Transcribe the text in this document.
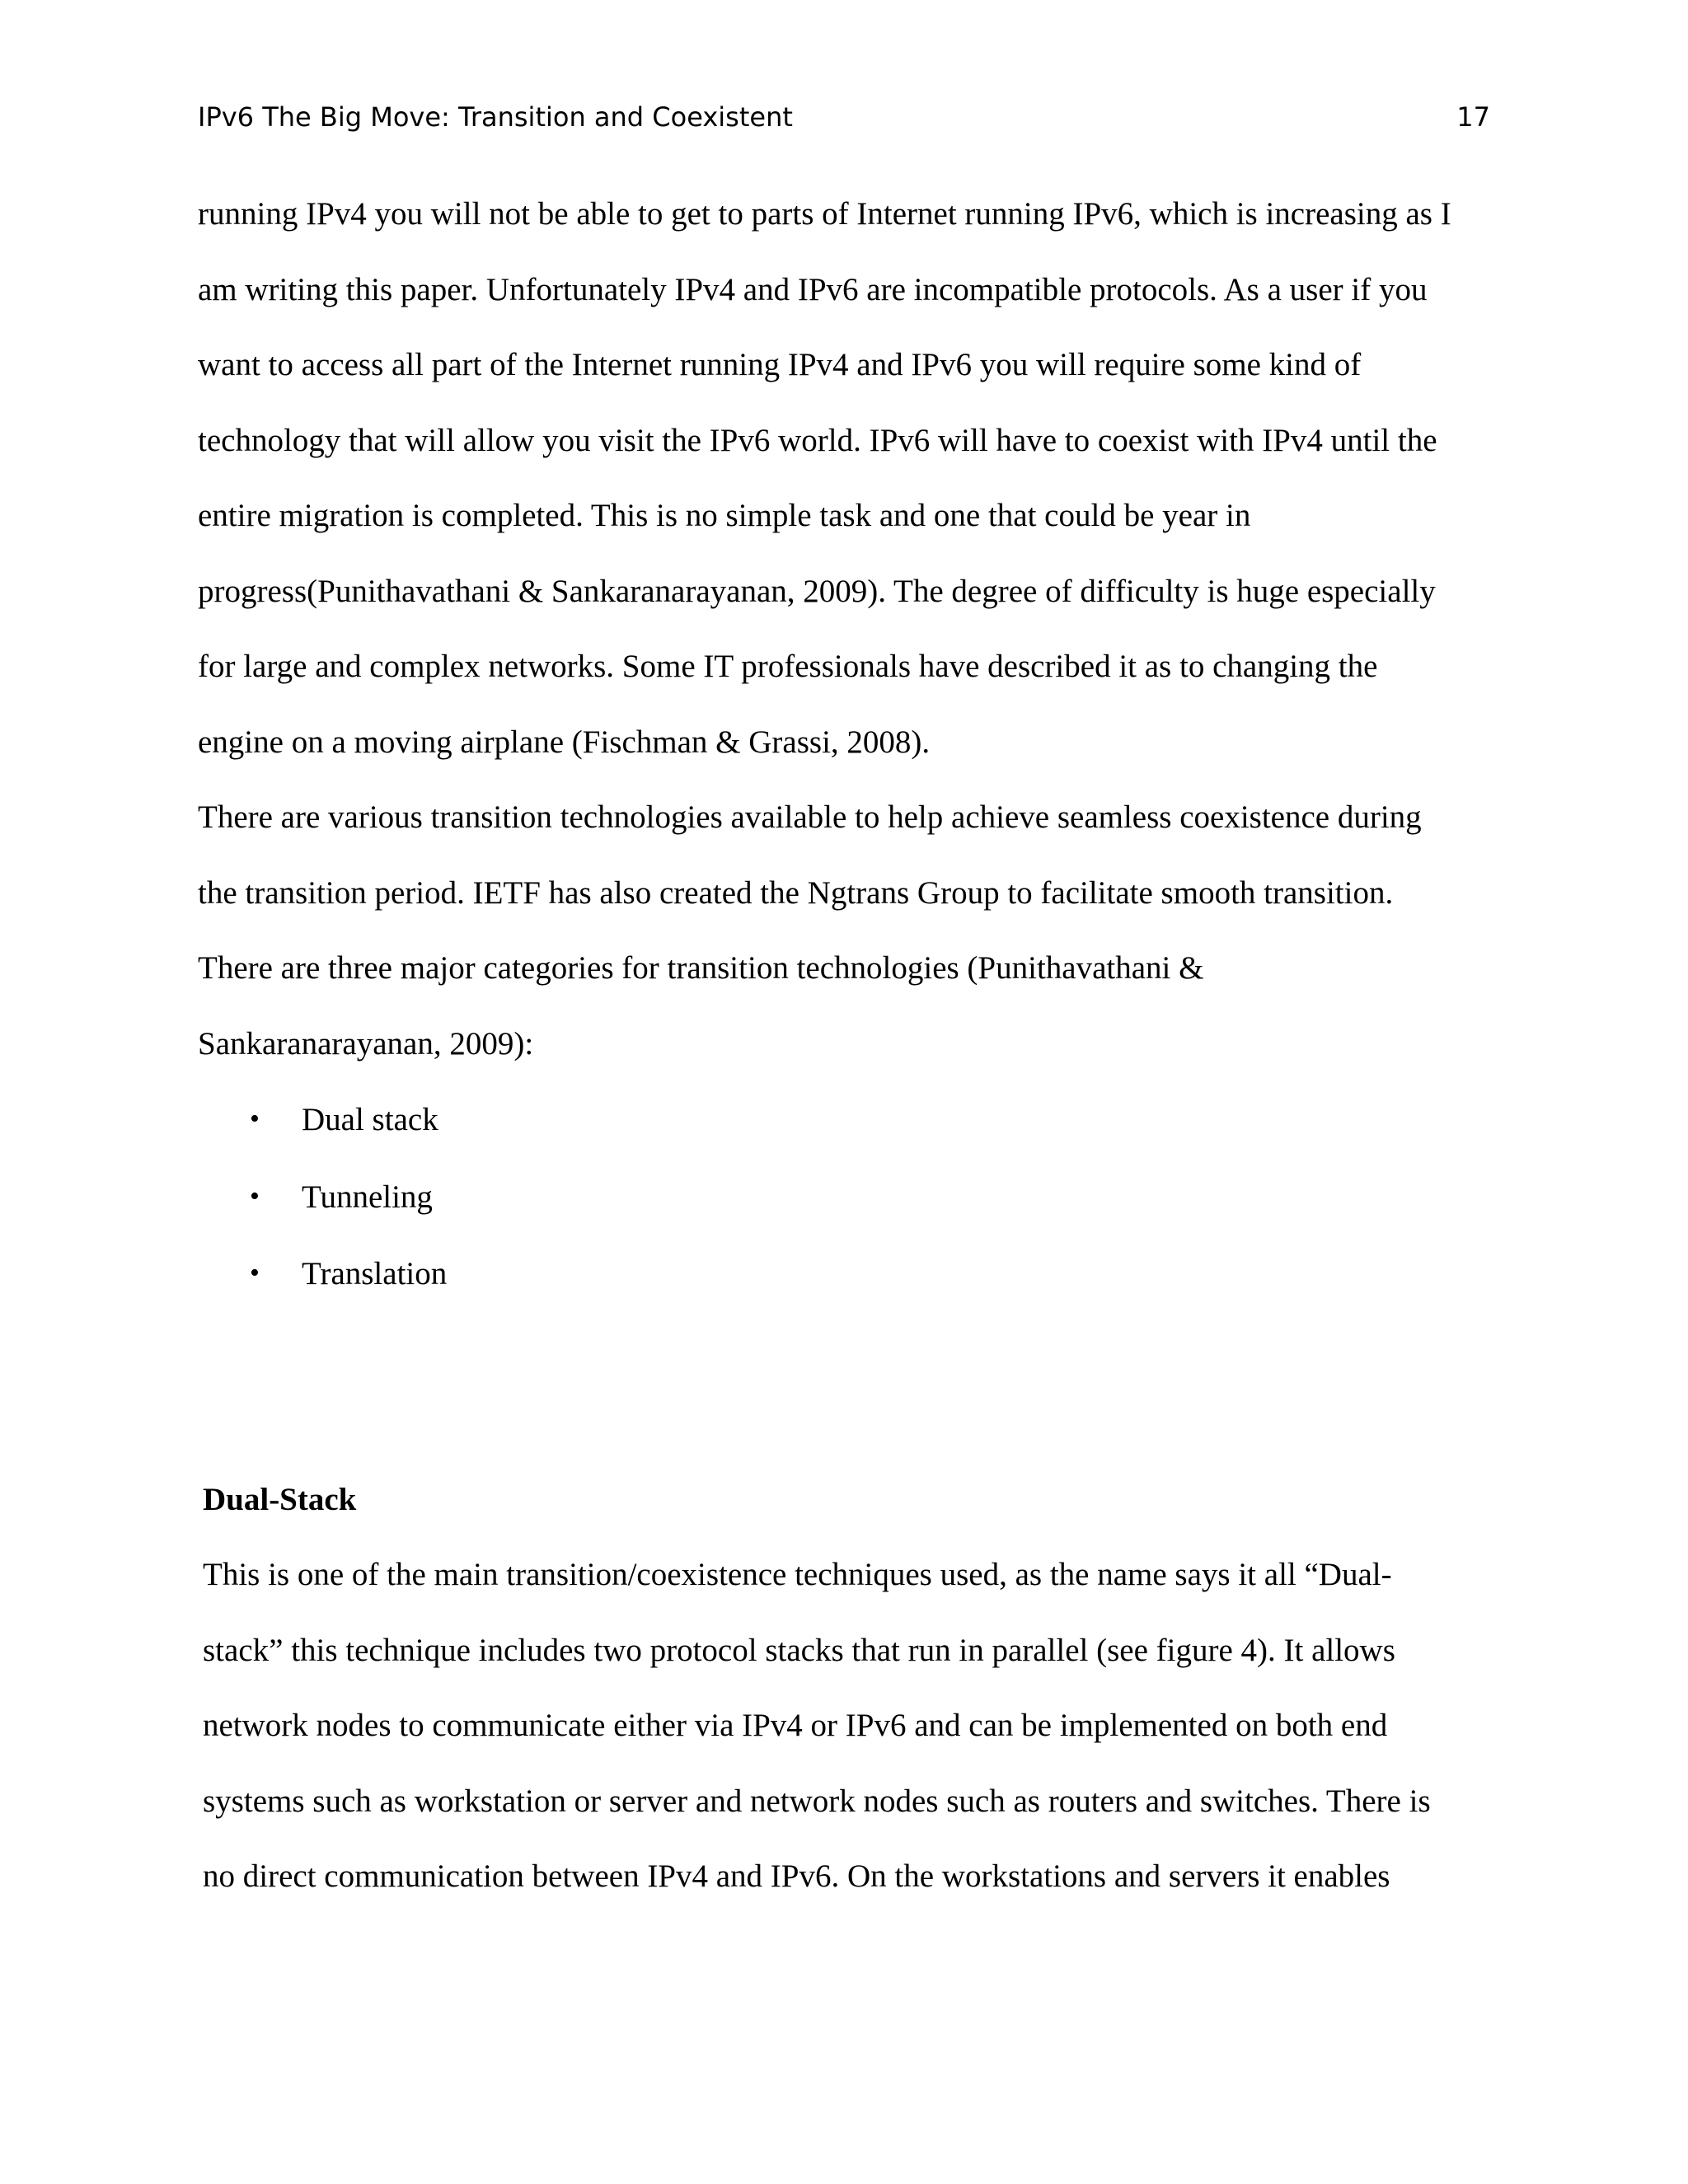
IPv6 The Big Move: Transition and Coexistent	17
running IPv4 you will not be able to get to parts of Internet running IPv6, which is increasing as I
am writing this paper. Unfortunately IPv4 and IPv6 are incompatible protocols. As a user if you
want to access all part of the Internet running IPv4 and IPv6 you will require some kind of
technology that will allow you visit the IPv6 world. IPv6 will have to coexist with IPv4 until the
entire migration is completed. This is no simple task and one that could be year in
progress(Punithavathani & Sankaranarayanan, 2009). The degree of difficulty is huge especially
for large and complex networks. Some IT professionals have described it as to changing the
engine on a moving airplane (Fischman & Grassi, 2008).
There are various transition technologies available to help achieve seamless coexistence during
the transition period. IETF has also created the Ngtrans Group to facilitate smooth transition.
There are three major categories for transition technologies (Punithavathani &
Sankaranarayanan, 2009):
• Dual stack
• Tunneling
• Translation
Dual-Stack
This is one of the main transition/coexistence techniques used, as the name says it all “Dual-
stack” this technique includes two protocol stacks that run in parallel (see figure 4). It allows
network nodes to communicate either via IPv4 or IPv6 and can be implemented on both end
systems such as workstation or server and network nodes such as routers and switches. There is
no direct communication between IPv4 and IPv6. On the workstations and servers it enables
